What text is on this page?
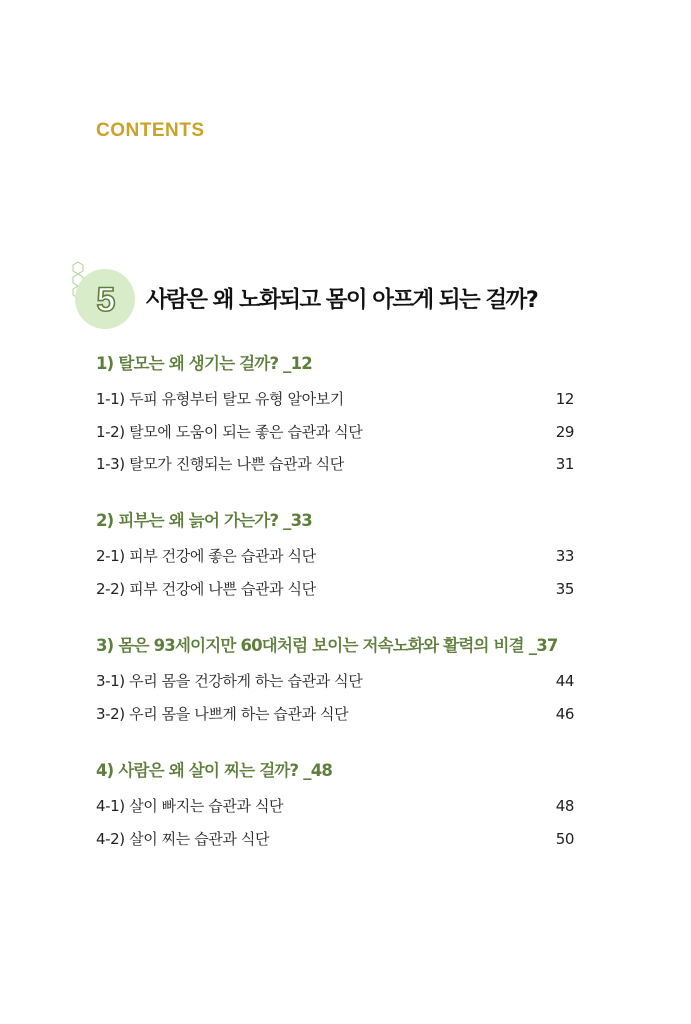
CONTENTS
5 사람은 왜 노화되고 몸이 아프게 되는 걸까?
1) 탈모는 왜 생기는 걸까? _12
1-1) 두피 유형부터 탈모 유형 알아보기	12
1-2) 탈모에 도움이 되는 좋은 습관과 식단	29
1-3) 탈모가 진행되는 나쁜 습관과 식단	31
2) 피부는 왜 늙어 가는가? _33
2-1) 피부 건강에 좋은 습관과 식단	33
2-2) 피부 건강에 나쁜 습관과 식단	35
3) 몸은 93세이지만 60대처럼 보이는 저속노화와 활력의 비결 _37
3-1) 우리 몸을 건강하게 하는 습관과 식단	44
3-2) 우리 몸을 나쁘게 하는 습관과 식단	46
4) 사람은 왜 살이 찌는 걸까? _48
4-1) 살이 빠지는 습관과 식단	48
4-2) 살이 찌는 습관과 식단	50
